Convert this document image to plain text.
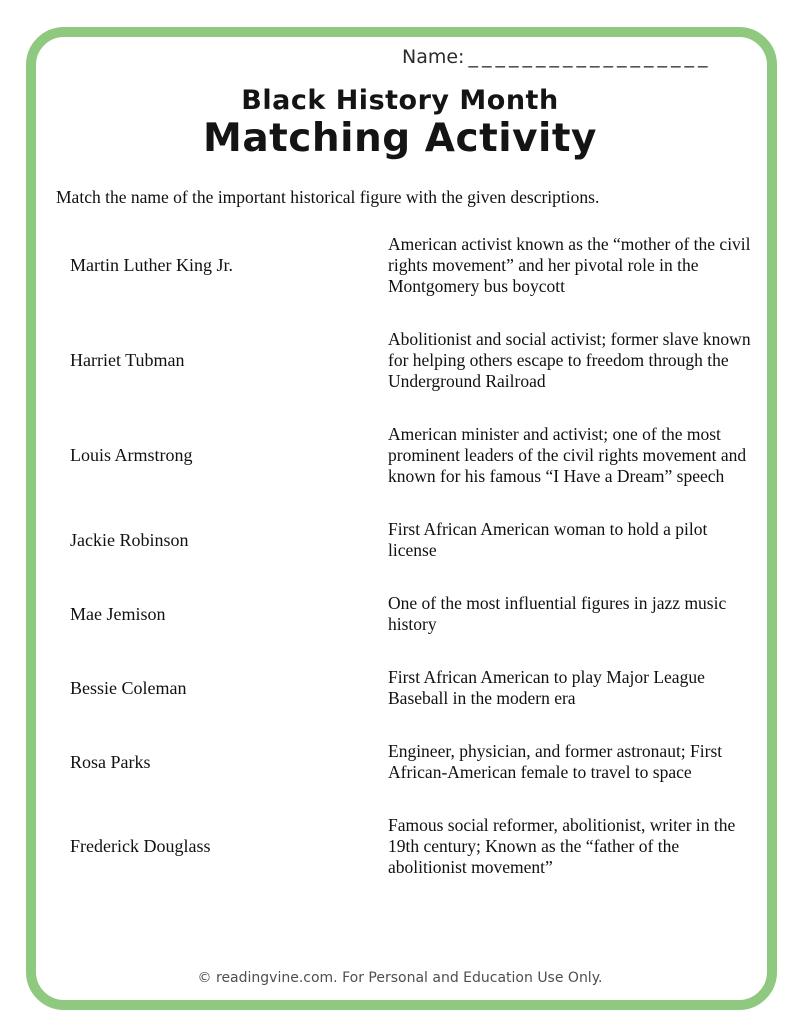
Name: __________________
Black History Month
Matching Activity
Match the name of the important historical figure with the given descriptions.
Martin Luther King Jr.
American activist known as the “mother of the civil rights movement” and her pivotal role in the Montgomery bus boycott
Harriet Tubman
Abolitionist and social activist; former slave known for helping others escape to freedom through the Underground Railroad
Louis Armstrong
American minister and activist; one of the most prominent leaders of the civil rights movement and known for his famous “I Have a Dream” speech
Jackie Robinson
First African American woman to hold a pilot license
Mae Jemison
One of the most influential figures in jazz music history
Bessie Coleman
First African American to play Major League Baseball in the modern era
Rosa Parks
Engineer, physician, and former astronaut; First African-American female to travel to space
Frederick Douglass
Famous social reformer, abolitionist, writer in the 19th century; Known as the “father of the abolitionist movement”
© readingvine.com. For Personal and Education Use Only.
